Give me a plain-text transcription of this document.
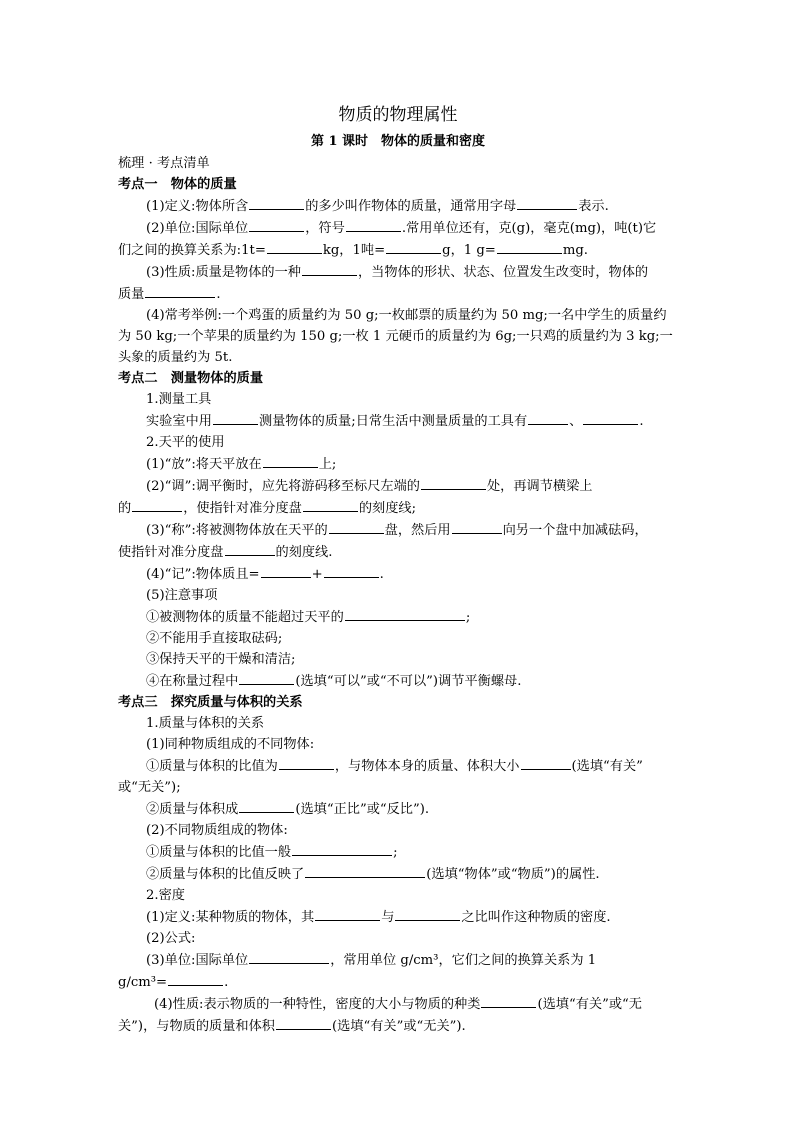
物质的物理属性
第 1 课时　物体的质量和密度
梳理 · 考点清单
考点一　物体的质量

(1)定义:物体所含	的多少叫作物体的质量，通常用字母	表示.

(2)单位:国际单位	，符号	.常用单位还有，克(g)，毫克(mg)，吨(t)它

们之间的换算关系为:1t=	kg，1吨=	g，1 g=	mg.

(3)性质:质量是物体的一种	，当物体的形状、状态、位置发生改变时，物体的

质量	.

(4)常考举例:一个鸡蛋的质量约为 50 g;一枚邮票的质量约为 50 mg;一名中学生的质量约

为 50 kg;一个苹果的质量约为 150 g;一枚 1 元硬币的质量约为 6g;一只鸡的质量约为 3 kg;一

头象的质量约为 5t.

考点二　测量物体的质量

1.测量工具

实验室中用	测量物体的质量;日常生活中测量质量的工具有	、	.

2.天平的使用

(1)“放”:将天平放在	上;

(2)“调”:调平衡时，应先将游码移至标尺左端的	处，再调节横梁上

的	，使指针对准分度盘	的刻度线;

(3)“称”:将被测物体放在天平的	盘，然后用	向另一个盘中加减砝码，

使指针对准分度盘	的刻度线.

(4)“记”:物体质且=	+	.

(5)注意事项

①被测物体的质量不能超过天平的	;

②不能用手直接取砝码;

③保持天平的干燥和清洁;

④在称量过程中	(选填“可以”或“不可以”)调节平衡螺母.

考点三　探究质量与体积的关系

1.质量与体积的关系

(1)同种物质组成的不同物体:

①质量与体积的比值为	，与物体本身的质量、体积大小	(选填“有关”

或“无关”);

②质量与体积成	(选填“正比”或“反比”).

(2)不同物质组成的物体:

①质量与体积的比值一般	;

②质量与体积的比值反映了	(选填“物体”或“物质”)的属性.

2.密度

(1)定义:某种物质的物体，其	与	之比叫作这种物质的密度.

(2)公式:

(3)单位:国际单位	，常用单位 g/cm³，它们之间的换算关系为 1

g/cm³=	.

(4)性质:表示物质的一种特性，密度的大小与物质的种类	(选填“有关”或“无

关”)，与物质的质量和体积	(选填“有关”或“无关”).
